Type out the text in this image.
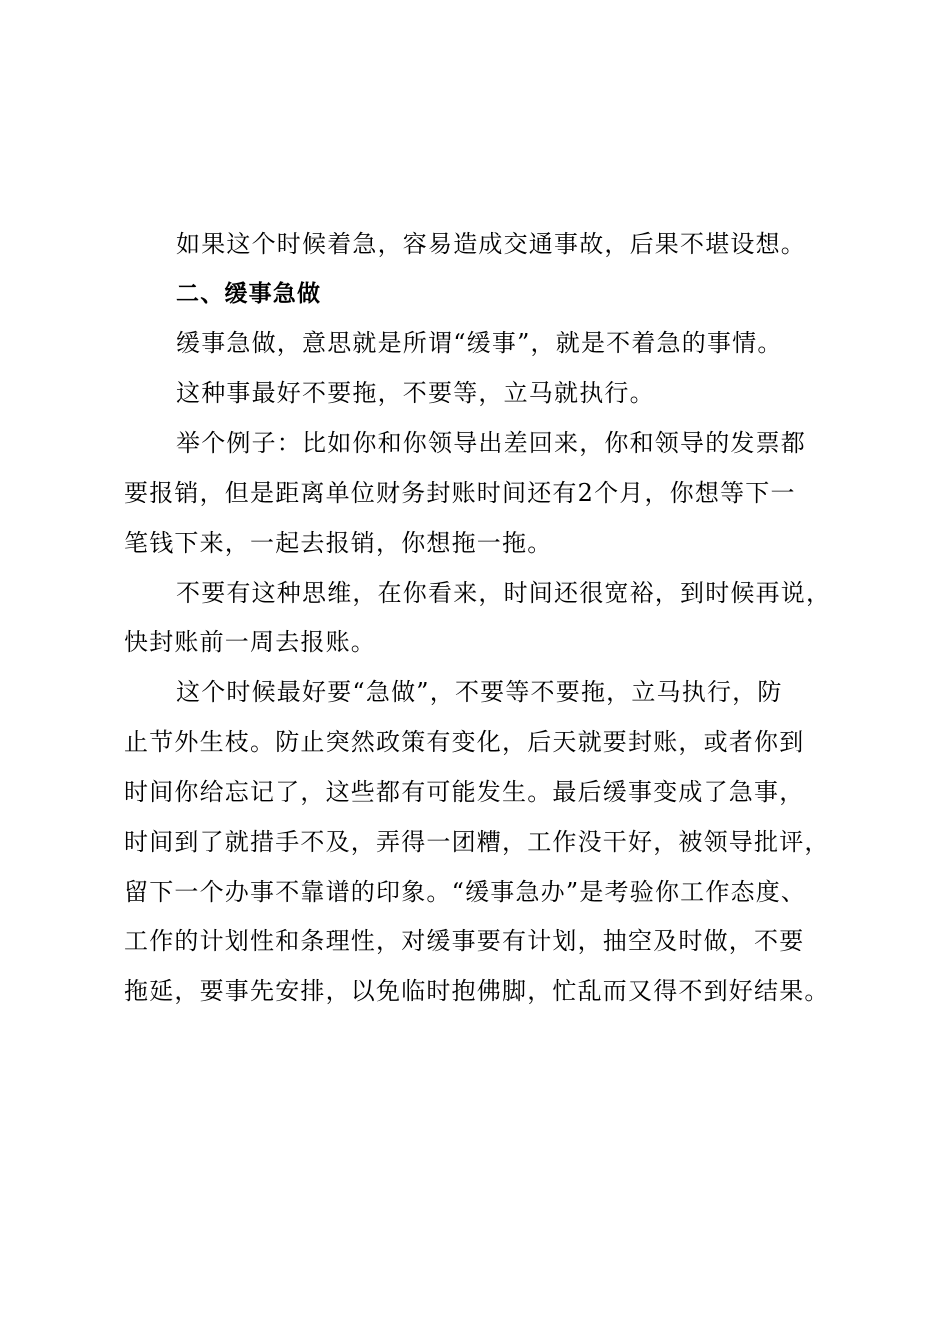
如果这个时候着急，容易造成交通事故，后果不堪设想。
二、缓事急做
缓事急做，意思就是所谓“缓事”，就是不着急的事情。
这种事最好不要拖，不要等，立马就执行。
举个例子：比如你和你领导出差回来，你和领导的发票都
要报销，但是距离单位财务封账时间还有2个月，你想等下一
笔钱下来，一起去报销，你想拖一拖。
不要有这种思维，在你看来，时间还很宽裕，到时候再说，
快封账前一周去报账。
这个时候最好要“急做”，不要等不要拖，立马执行，防
止节外生枝。防止突然政策有变化，后天就要封账，或者你到
时间你给忘记了，这些都有可能发生。最后缓事变成了急事，
时间到了就措手不及，弄得一团糟，工作没干好，被领导批评，
留下一个办事不靠谱的印象。“缓事急办”是考验你工作态度、
工作的计划性和条理性，对缓事要有计划，抽空及时做，不要
拖延，要事先安排，以免临时抱佛脚，忙乱而又得不到好结果。
